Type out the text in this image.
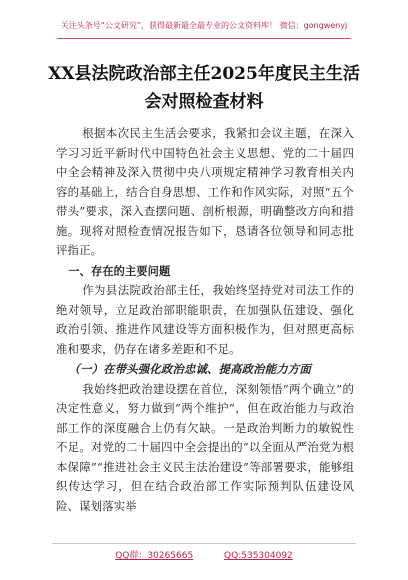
关注头条号“公文研究”，获得最新最全最专业的公文资料库！ 微信：gongwenyj
XX县法院政治部主任2025年度民主生活会对照检查材料

根据本次民主生活会要求，我紧扣会议主题，在深入学习习近平新时代中国特色社会主义思想、党的二十届四中全会精神及深入贯彻中央八项规定精神学习教育相关内容的基础上，结合自身思想、工作和作风实际，对照“五个带头”要求，深入查摆问题、剖析根源，明确整改方向和措施。现将对照检查情况报告如下，恳请各位领导和同志批评指正。

一、存在的主要问题

作为县法院政治部主任，我始终坚持党对司法工作的绝对领导，立足政治部职能职责，在加强队伍建设、强化政治引领、推进作风建设等方面积极作为，但对照更高标准和要求，仍存在诸多差距和不足。

（一）在带头强化政治忠诚、提高政治能力方面

我始终把政治建设摆在首位，深刻领悟“两个确立”的决定性意义，努力做到“两个维护”，但在政治能力与政治部工作的深度融合上仍有欠缺。一是政治判断力的敏锐性不足。对党的二十届四中全会提出的“以全面从严治党为根本保障”“推进社会主义民主法治建设”等部署要求，能够组织传达学习，但在结合政治部工作实际预判队伍建设风险、谋划落实举

QQ群：30265665	QQ:535304092
